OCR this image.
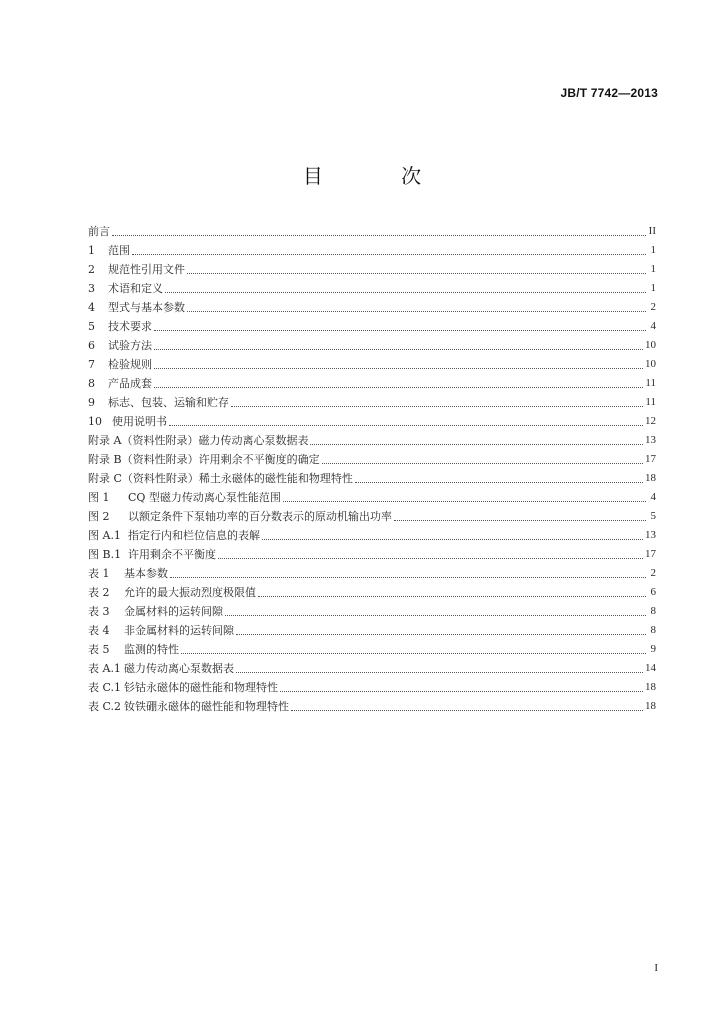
JB/T 7742—2013
目 次
前言	II
1	范围	1
2	规范性引用文件	1
3	术语和定义	1
4	型式与基本参数	2
5	技术要求	4
6	试验方法	10
7	检验规则	10
8	产品成套	11
9	标志、包装、运输和贮存	11
10 使用说明书	12
附录 A（资料性附录）磁力传动离心泵数据表	13
附录 B（资料性附录）许用剩余不平衡度的确定	17
附录 C（资料性附录）稀土永磁体的磁性能和物理特性	18
图 1	CQ 型磁力传动离心泵性能范围	4
图 2	以额定条件下泵轴功率的百分数表示的原动机输出功率	5
图 A.1 指定行内和栏位信息的表解	13
图 B.1 许用剩余不平衡度	17
表 1	基本参数	2
表 2	允许的最大振动烈度极限值	6
表 3	金属材料的运转间隙	8
表 4	非金属材料的运转间隙	8
表 5	监测的特性	9
表 A.1 磁力传动离心泵数据表	14
表 C.1 钐钴永磁体的磁性能和物理特性	18
表 C.2 钕铁硼永磁体的磁性能和物理特性	18
I
